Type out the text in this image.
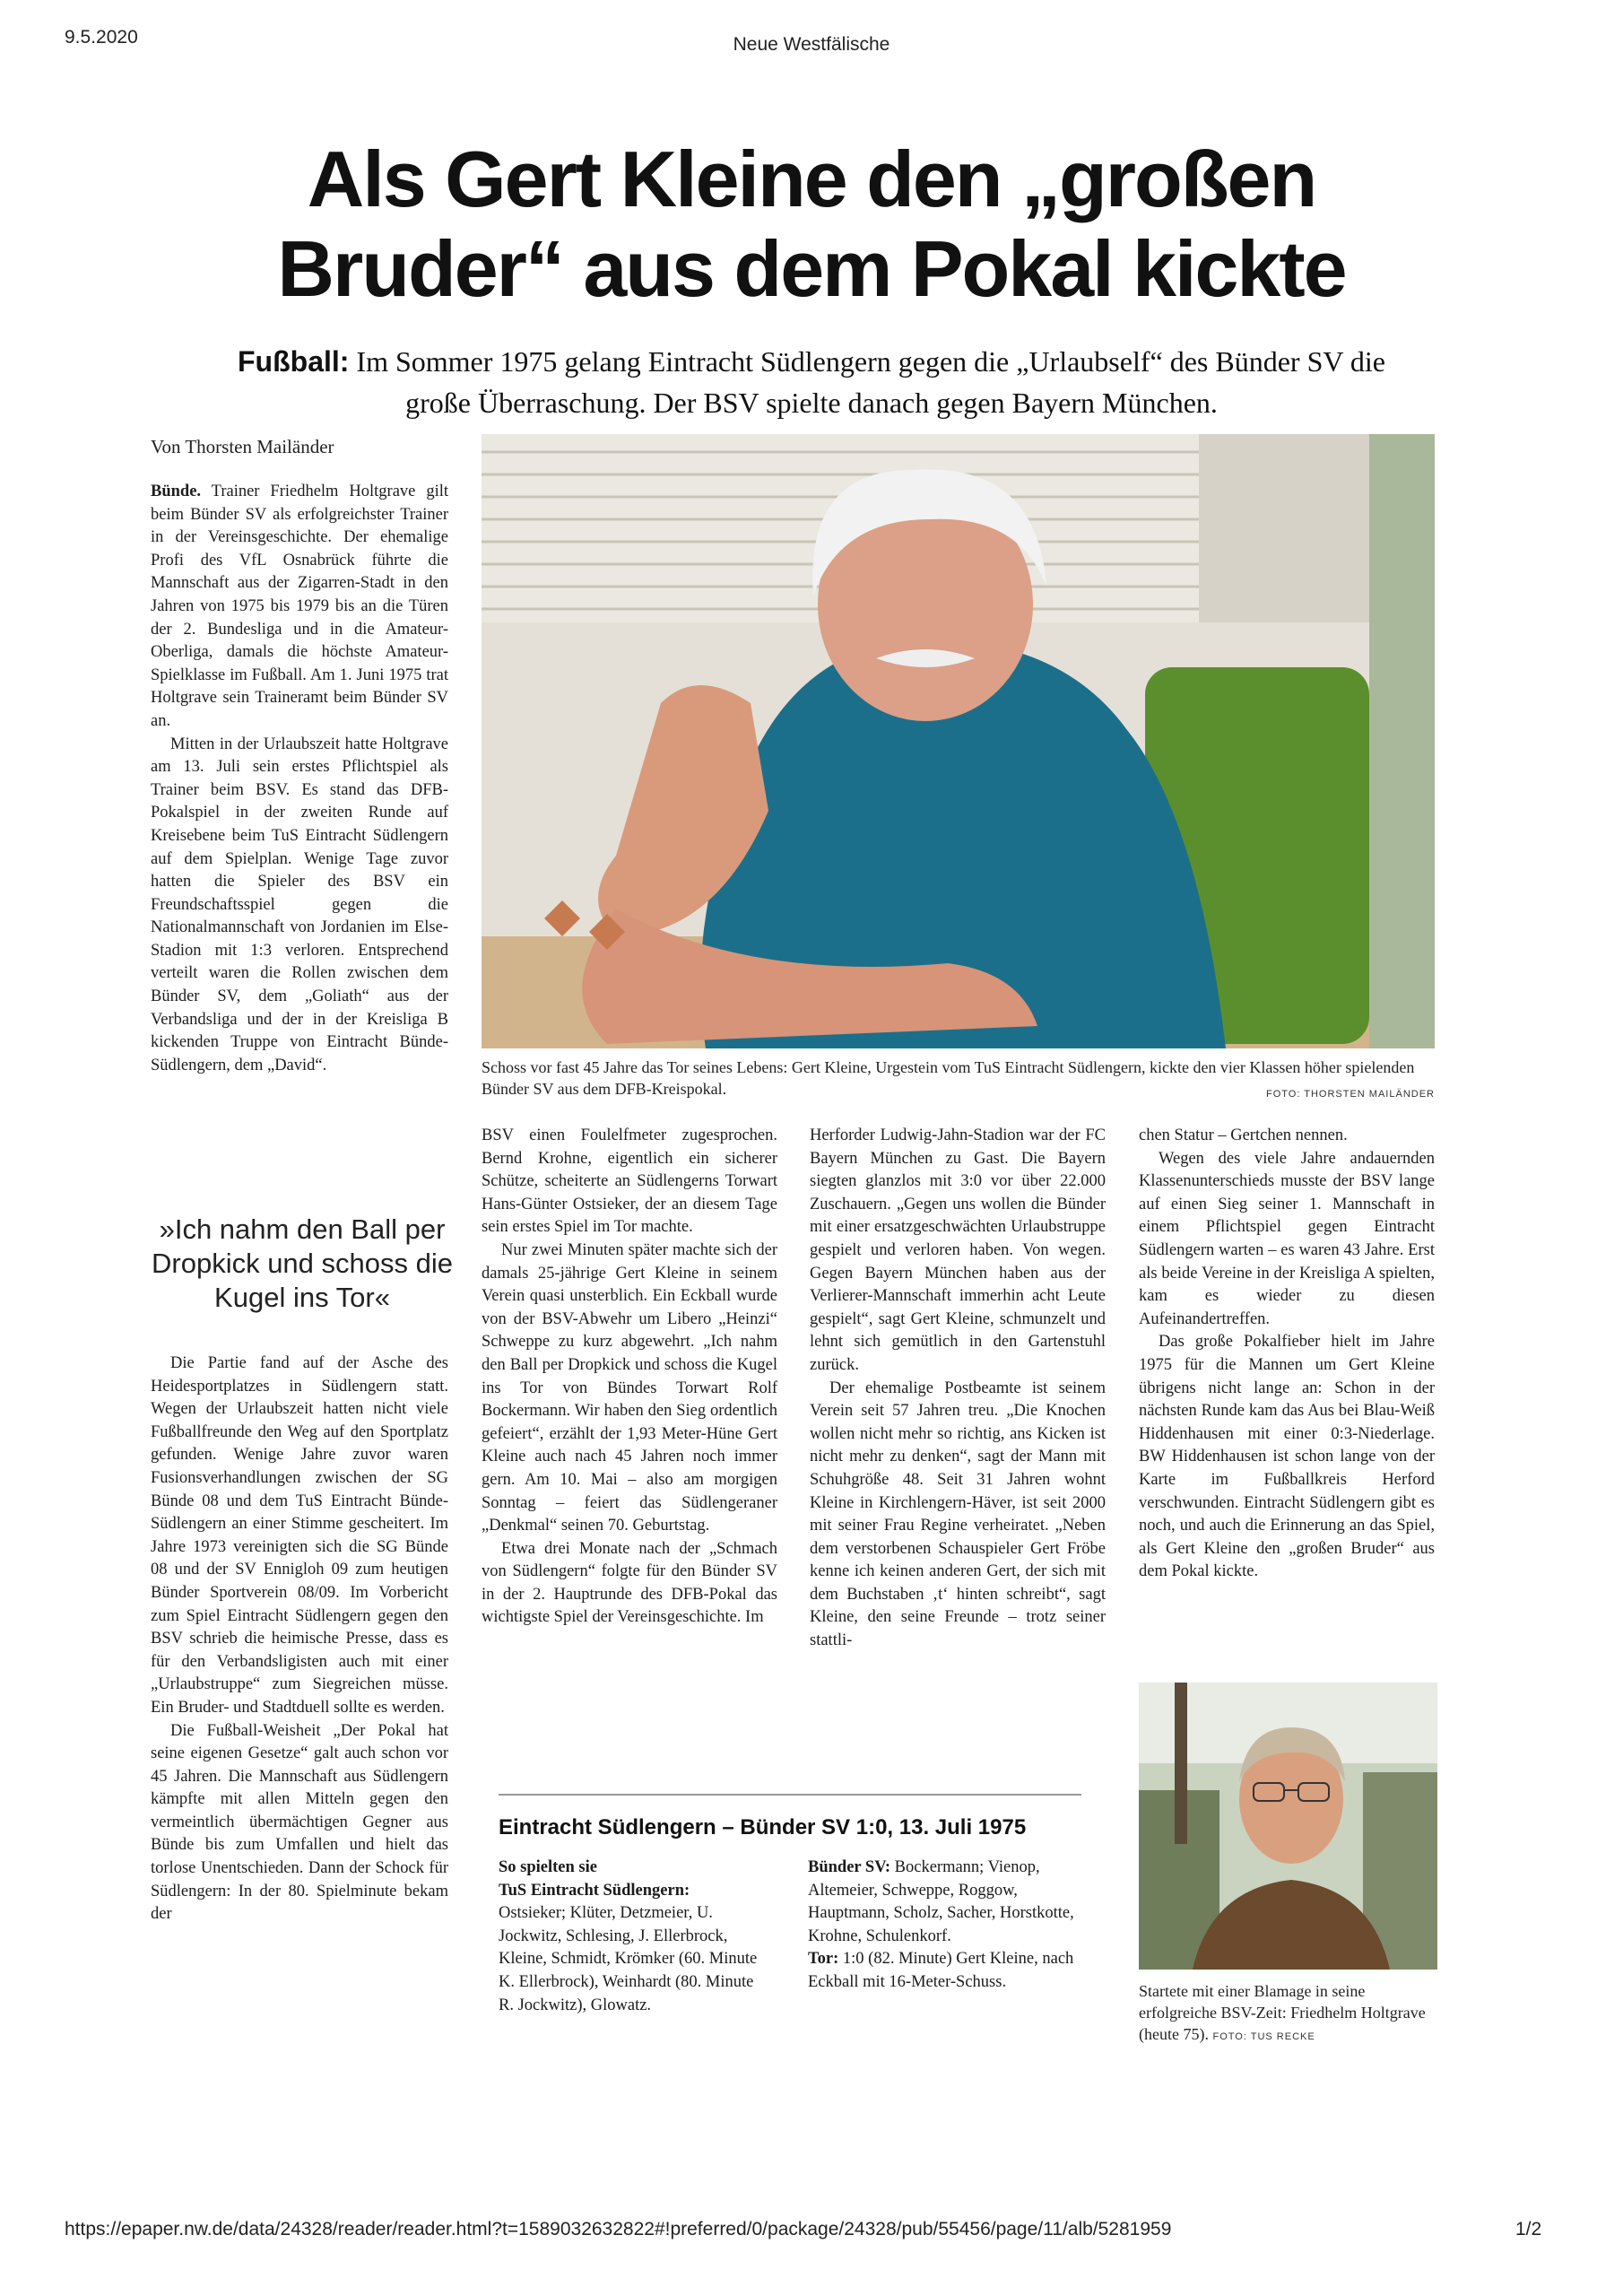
9.5.2020	Neue Westfälische
Als Gert Kleine den „großen
Bruder“ aus dem Pokal kickte
Fußball: Im Sommer 1975 gelang Eintracht Südlengern gegen die „Urlaubself“ des Bünder SV die große Überraschung. Der BSV spielte danach gegen Bayern München.
Von Thorsten Mailänder

Bünde. Trainer Friedhelm Holtgrave gilt beim Bünder SV als erfolgreichster Trainer in der Vereinsgeschichte. Der ehemalige Profi des VfL Osnabrück führte die Mannschaft aus der Zigarren-Stadt in den Jahren von 1975 bis 1979 bis an die Türen der 2. Bundesliga und in die Amateur-Oberliga, damals die höchste Amateur-Spielklasse im Fußball. Am 1. Juni 1975 trat Holtgrave sein Traineramt beim Bünder SV an.

Mitten in der Urlaubszeit hatte Holtgrave am 13. Juli sein erstes Pflichtspiel als Trainer beim BSV. Es stand das DFB-Pokalspiel in der zweiten Runde auf Kreisebene beim TuS Eintracht Südlengern auf dem Spielplan. Wenige Tage zuvor hatten die Spieler des BSV ein Freundschaftsspiel gegen die Nationalmannschaft von Jordanien im Else-Stadion mit 1:3 verloren. Entsprechend verteilt waren die Rollen zwischen dem Bünder SV, dem „Goliath“ aus der Verbandsliga und der in der Kreisliga B kickenden Truppe von Eintracht Bünde-Südlengern, dem „David“.

»Ich nahm den Ball per Dropkick und schoss die Kugel ins Tor«

Die Partie fand auf der Asche des Heidesportplatzes in Südlengern statt. Wegen der Urlaubszeit hatten nicht viele Fußballfreunde den Weg auf den Sportplatz gefunden. Wenige Jahre zuvor waren Fusionsverhandlungen zwischen der SG Bünde 08 und dem TuS Eintracht Bünde-Südlengern an einer Stimme gescheitert. Im Jahre 1973 vereinigten sich die SG Bünde 08 und der SV Ennigloh 09 zum heutigen Bünder Sportverein 08/09. Im Vorbericht zum Spiel Eintracht Südlengern gegen den BSV schrieb die heimische Presse, dass es für den Verbandsligisten auch mit einer „Urlaubstruppe“ zum Siegreichen müsse. Ein Bruder- und Stadtduell sollte es werden.

Die Fußball-Weisheit „Der Pokal hat seine eigenen Gesetze“ galt auch schon vor 45 Jahren. Die Mannschaft aus Südlengern kämpfte mit allen Mitteln gegen den vermeintlich übermächtigen Gegner aus Bünde bis zum Umfallen und hielt das torlose Unentschieden. Dann der Schock für Südlengern: In der 80. Spielminute bekam der

Schoss vor fast 45 Jahre das Tor seines Lebens: Gert Kleine, Urgestein vom TuS Eintracht Südlengern, kickte den vier Klassen höher spielenden Bünder SV aus dem DFB-Kreispokal.	FOTO: THORSTEN MAILÄNDER

BSV einen Foulelfmeter zugesprochen. Bernd Krohne, eigentlich ein sicherer Schütze, scheiterte an Südlengerns Torwart Hans-Günter Ostsieker, der an diesem Tage sein erstes Spiel im Tor machte.

Nur zwei Minuten später machte sich der damals 25-jährige Gert Kleine in seinem Verein quasi unsterblich. Ein Eckball wurde von der BSV-Abwehr um Libero „Heinzi“ Schweppe zu kurz abgewehrt. „Ich nahm den Ball per Dropkick und schoss die Kugel ins Tor von Bündes Torwart Rolf Bockermann. Wir haben den Sieg ordentlich gefeiert“, erzählt der 1,93 Meter-Hüne Gert Kleine auch nach 45 Jahren noch immer gern. Am 10. Mai – also am morgigen Sonntag – feiert das Südlengeraner „Denkmal“ seinen 70. Geburtstag.

Etwa drei Monate nach der „Schmach von Südlengern“ folgte für den Bünder SV in der 2. Hauptrunde des DFB-Pokal das wichtigste Spiel der Vereinsgeschichte. Im

Herforder Ludwig-Jahn-Stadion war der FC Bayern München zu Gast. Die Bayern siegten glanzlos mit 3:0 vor über 22.000 Zuschauern. „Gegen uns wollen die Bünder mit einer ersatzgeschwächten Urlaubstruppe gespielt und verloren haben. Von wegen. Gegen Bayern München haben aus der Verlierer-Mannschaft immerhin acht Leute gespielt“, sagt Gert Kleine, schmunzelt und lehnt sich gemütlich in den Gartenstuhl zurück.

Der ehemalige Postbeamte ist seinem Verein seit 57 Jahren treu. „Die Knochen wollen nicht mehr so richtig, ans Kicken ist nicht mehr zu denken“, sagt der Mann mit Schuhgröße 48. Seit 31 Jahren wohnt Kleine in Kirchlengern-Häver, ist seit 2000 mit seiner Frau Regine verheiratet. „Neben dem verstorbenen Schauspieler Gert Fröbe kenne ich keinen anderen Gert, der sich mit dem Buchstaben ‚t‘ hinten schreibt“, sagt Kleine, den seine Freunde – trotz seiner stattli-

chen Statur – Gertchen nennen.

Wegen des viele Jahre andauernden Klassenunterschieds musste der BSV lange auf einen Sieg seiner 1. Mannschaft in einem Pflichtspiel gegen Eintracht Südlengern warten – es waren 43 Jahre. Erst als beide Vereine in der Kreisliga A spielten, kam es wieder zu diesen Aufeinandertreffen.

Das große Pokalfieber hielt im Jahre 1975 für die Mannen um Gert Kleine übrigens nicht lange an: Schon in der nächsten Runde kam das Aus bei Blau-Weiß Hiddenhausen mit einer 0:3-Niederlage. BW Hiddenhausen ist schon lange von der Karte im Fußballkreis Herford verschwunden. Eintracht Südlengern gibt es noch, und auch die Erinnerung an das Spiel, als Gert Kleine den „großen Bruder“ aus dem Pokal kickte.

Startete mit einer Blamage in seine erfolgreiche BSV-Zeit: Friedhelm Holtgrave (heute 75). FOTO: TUS RECKE
Eintracht Südlengern – Bünder SV 1:0, 13. Juli 1975
So spielten sie
TuS Eintracht Südlengern:
Ostsieker; Klüter, Detzmeier, U. Jockwitz, Schlesing, J. Ellerbrock, Kleine, Schmidt, Krömker (60. Minute K. Ellerbrock), Weinhardt (80. Minute R. Jockwitz), Glowatz.
Bünder SV: Bockermann; Vienop, Altemeier, Schweppe, Roggow, Hauptmann, Scholz, Sacher, Horstkotte, Krohne, Schulenkorf.
Tor: 1:0 (82. Minute) Gert Kleine, nach Eckball mit 16-Meter-Schuss.
https://epaper.nw.de/data/24328/reader/reader.html?t=1589032632822#!preferred/0/package/24328/pub/55456/page/11/alb/5281959	1/2
